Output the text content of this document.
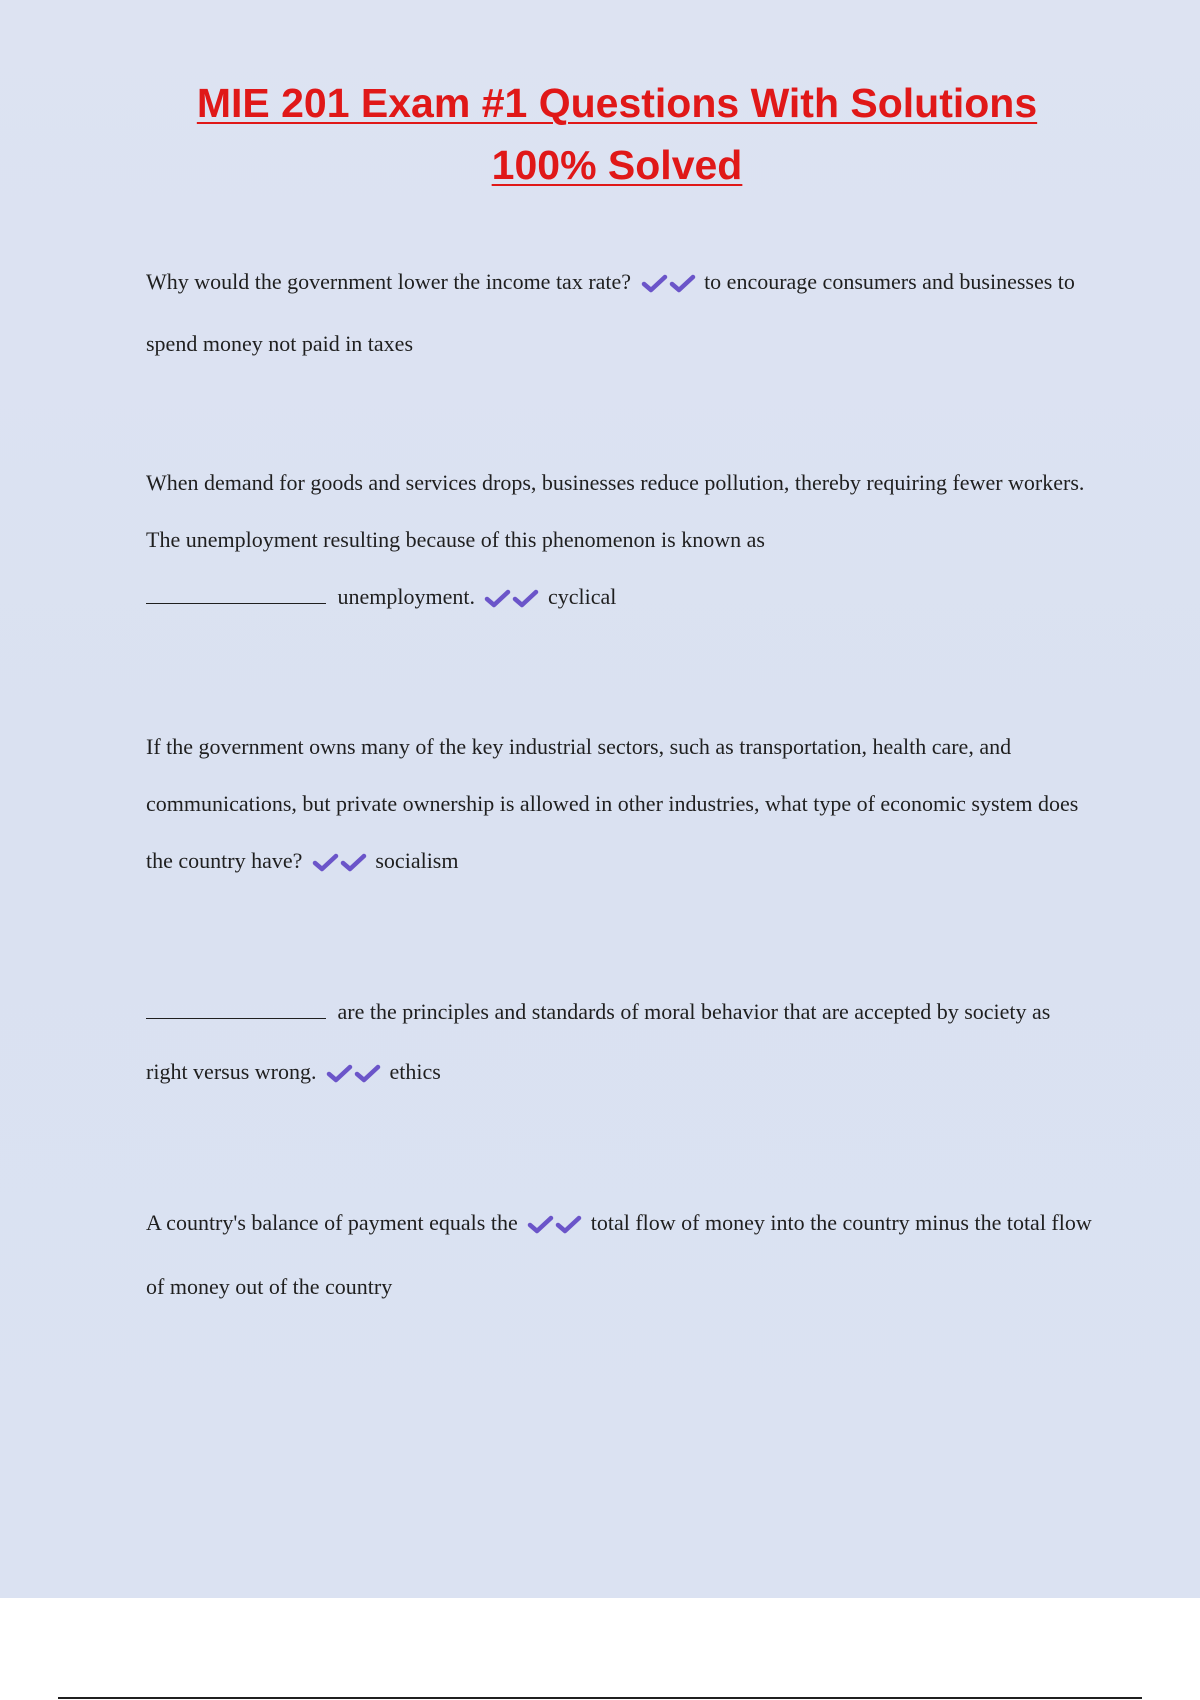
MIE 201 Exam #1 Questions With Solutions
100% Solved
Why would the government lower the income tax rate?	to encourage consumers and businesses to spend money not paid in taxes
When demand for goods and services drops, businesses reduce pollution, thereby requiring fewer workers. The unemployment resulting because of this phenomenon is known as
unemployment.	cyclical
If the government owns many of the key industrial sectors, such as transportation, health care, and communications, but private ownership is allowed in other industries, what type of economic system does the country have?	socialism
are the principles and standards of moral behavior that are accepted by society as right versus wrong.	ethics
A country's balance of payment equals the	total flow of money into the country minus the total flow of money out of the country
